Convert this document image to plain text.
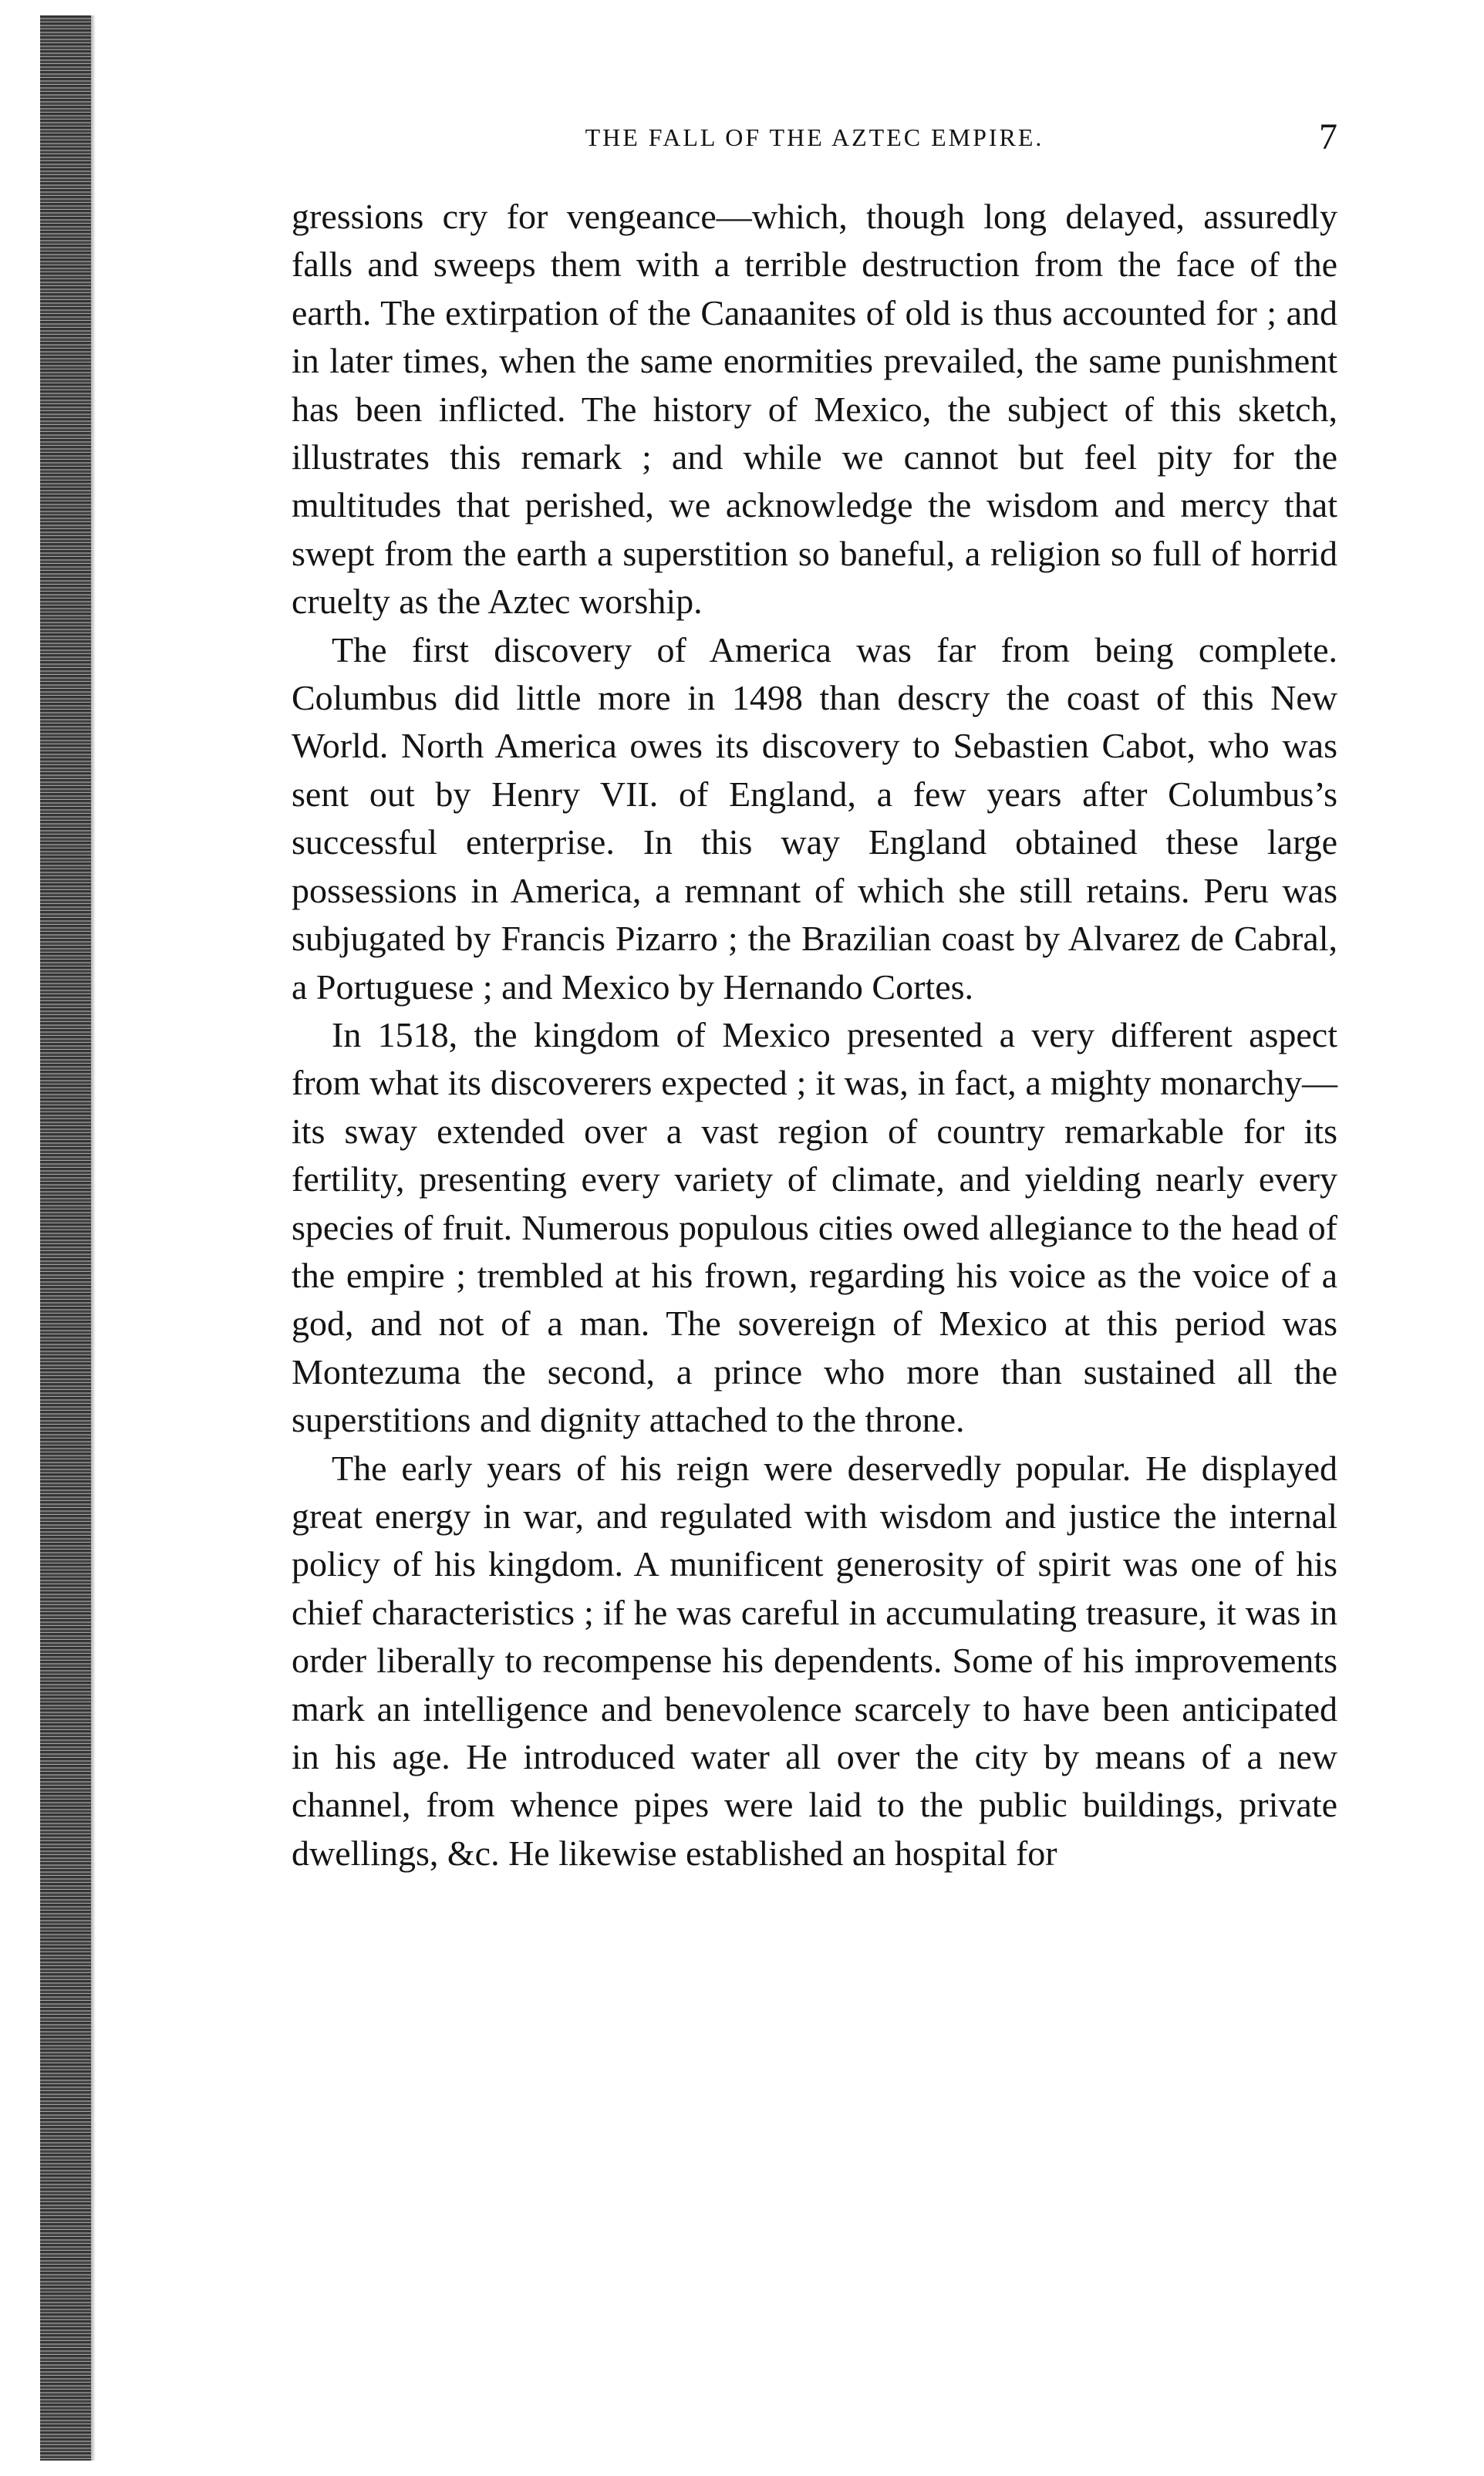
THE FALL OF THE AZTEC EMPIRE.	7

gressions cry for vengeance—which, though long delayed, assuredly falls and sweeps them with a terrible destruction from the face of the earth. The extirpation of the Canaanites of old is thus accounted for ; and in later times, when the same enormities prevailed, the same punishment has been inflicted. The history of Mexico, the subject of this sketch, illustrates this remark ; and while we cannot but feel pity for the multitudes that perished, we acknowledge the wisdom and mercy that swept from the earth a superstition so baneful, a religion so full of horrid cruelty as the Aztec worship.

The first discovery of America was far from being complete. Columbus did little more in 1498 than descry the coast of this New World. North America owes its discovery to Sebastien Cabot, who was sent out by Henry VII. of England, a few years after Columbus’s successful enterprise. In this way England obtained these large possessions in America, a remnant of which she still retains. Peru was subjugated by Francis Pizarro ; the Brazilian coast by Alvarez de Cabral, a Portuguese ; and Mexico by Hernando Cortes.

In 1518, the kingdom of Mexico presented a very different aspect from what its discoverers expected ; it was, in fact, a mighty monarchy—its sway extended over a vast region of country remarkable for its fertility, presenting every variety of climate, and yielding nearly every species of fruit. Numerous populous cities owed allegiance to the head of the empire ; trembled at his frown, regarding his voice as the voice of a god, and not of a man. The sovereign of Mexico at this period was Montezuma the second, a prince who more than sustained all the superstitions and dignity attached to the throne.

The early years of his reign were deservedly popular. He displayed great energy in war, and regulated with wisdom and justice the internal policy of his kingdom. A munificent generosity of spirit was one of his chief characteristics ; if he was careful in accumulating treasure, it was in order liberally to recompense his dependents. Some of his improvements mark an intelligence and benevolence scarcely to have been anticipated in his age. He introduced water all over the city by means of a new channel, from whence pipes were laid to the public buildings, private dwellings, &c. He likewise established an hospital for
